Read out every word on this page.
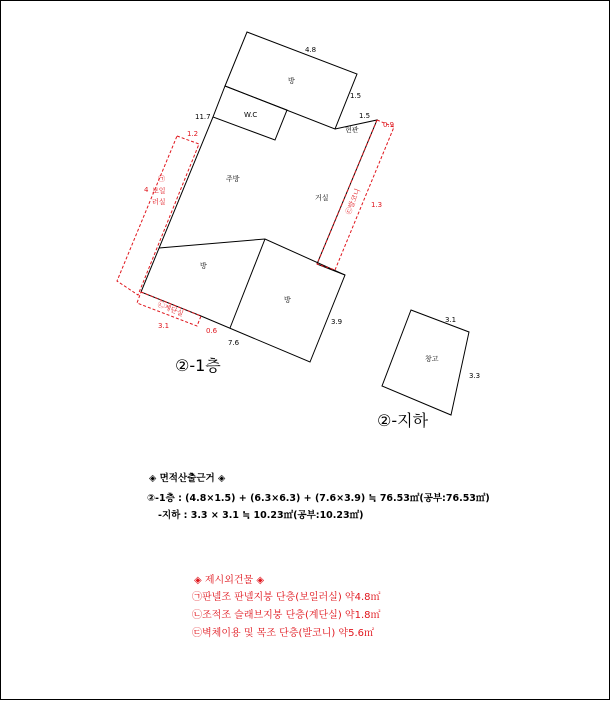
4.8
1.5
11.7	1.5
1.2
0.9
4
1.3
3.9
7.6
3.1
0.6
3.1
3.3
방
W.C
현관
주방
거실
방
방
창고
㉠
보일
러실
㉡계단실
㉢발코니
②-1층
②-지하
◈ 면적산출근거 ◈
②-1층 : (4.8×1.5) + (6.3×6.3) + (7.6×3.9) ≒ 76.53㎡(공부:76.53㎡)
-지하 : 3.3 × 3.1 ≒ 10.23㎡(공부:10.23㎡)
◈ 제시외건물 ◈
㉠판넬조 판넬지붕 단층(보일러실) 약4.8㎡
㉡조적조 슬래브지붕 단층(계단실) 약1.8㎡
㉢벽체이용 및 목조 단층(발코니) 약5.6㎡
